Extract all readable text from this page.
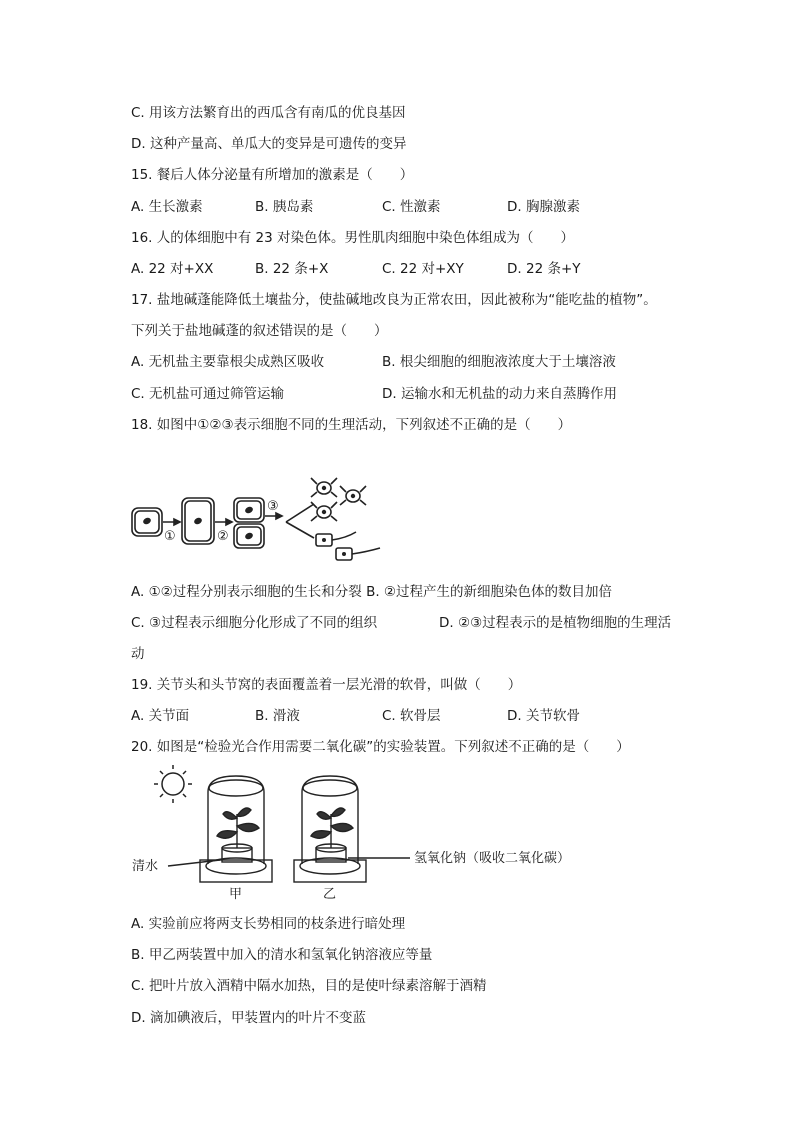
C. 用该方法繁育出的西瓜含有南瓜的优良基因
D. 这种产量高、单瓜大的变异是可遗传的变异
15. 餐后人体分泌量有所增加的激素是（　　）
A. 生长激素	B. 胰岛素	C. 性激素	D. 胸腺激素
16. 人的体细胞中有 23 对染色体。男性肌肉细胞中染色体组成为（　　）
A. 22 对+XX	B. 22 条+X	C. 22 对+XY	D. 22 条+Y
17. 盐地碱蓬能降低土壤盐分，使盐碱地改良为正常农田，因此被称为“能吃盐的植物”。
下列关于盐地碱蓬的叙述错误的是（　　）
A. 无机盐主要靠根尖成熟区吸收	B. 根尖细胞的细胞液浓度大于土壤溶液
C. 无机盐可通过筛管运输	D. 运输水和无机盐的动力来自蒸腾作用
18. 如图中①②③表示细胞不同的生理活动，下列叙述不正确的是（　　）
①	②
③
A. ①②过程分别表示细胞的生长和分裂 B. ②过程产生的新细胞染色体的数目加倍
C. ③过程表示细胞分化形成了不同的组织	D. ②③过程表示的是植物细胞的生理活
动
19. 关节头和头节窝的表面覆盖着一层光滑的软骨，叫做（　　）
A. 关节面	B. 滑液	C. 软骨层	D. 关节软骨
20. 如图是“检验光合作用需要二氧化碳”的实验装置。下列叙述不正确的是（　　）
清水
甲	乙
氢氧化钠（吸收二氧化碳）
A. 实验前应将两支长势相同的枝条进行暗处理
B. 甲乙两装置中加入的清水和氢氧化钠溶液应等量
C. 把叶片放入酒精中隔水加热，目的是使叶绿素溶解于酒精
D. 滴加碘液后，甲装置内的叶片不变蓝
